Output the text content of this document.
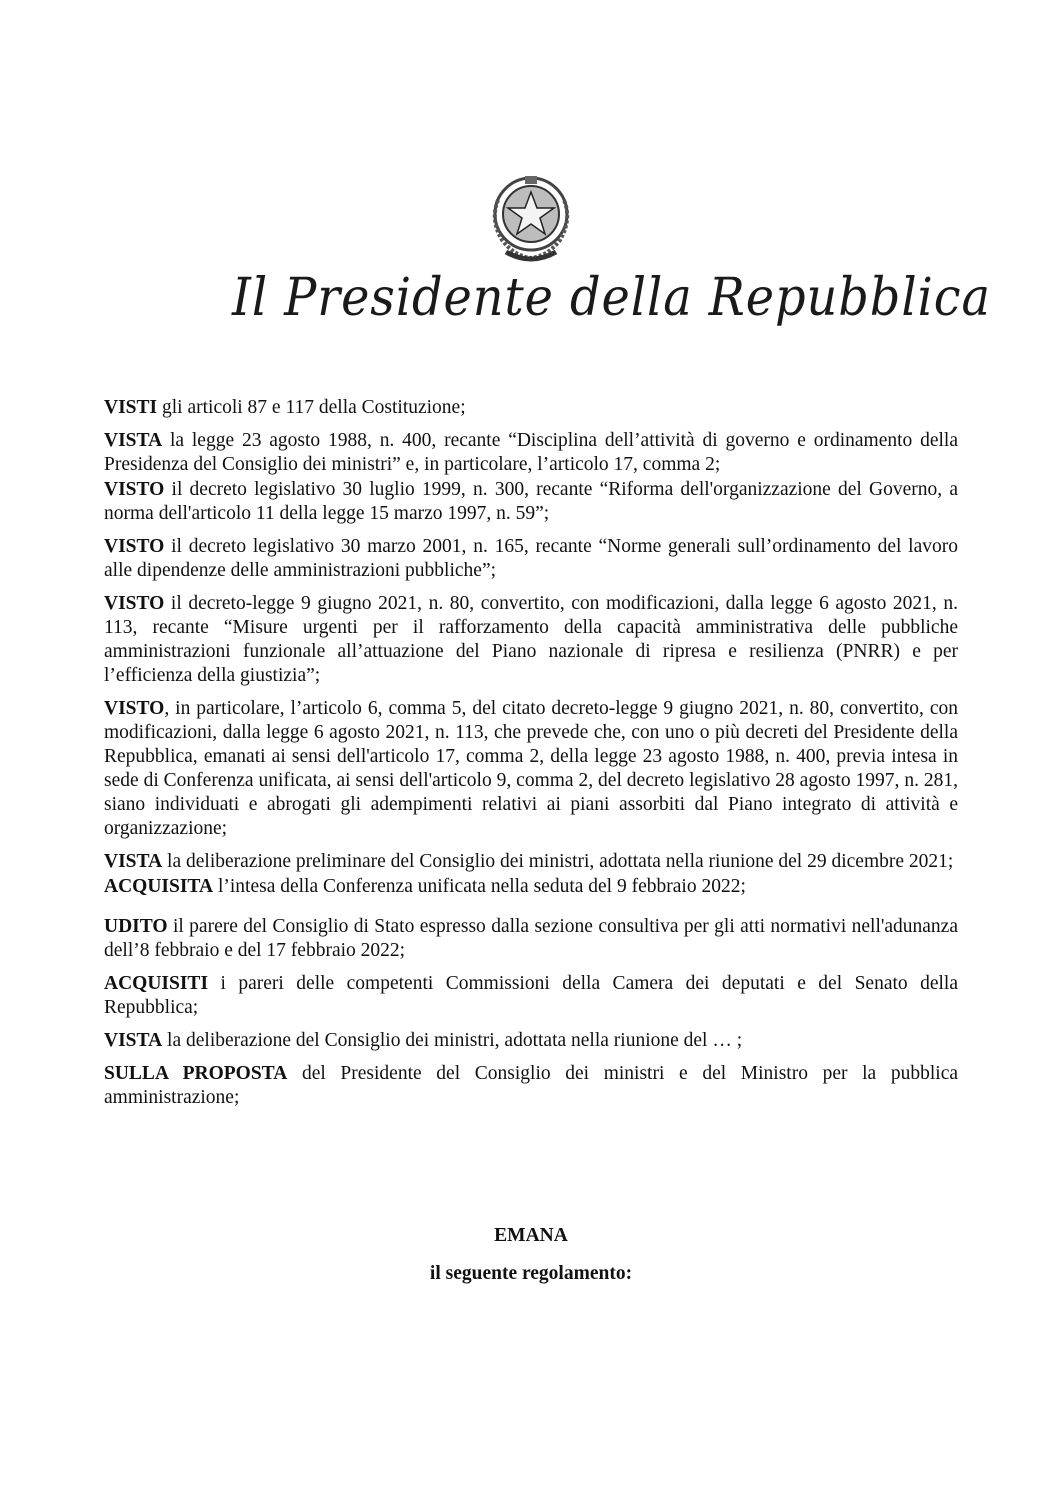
Il Presidente della Repubblica

VISTI gli articoli 87 e 117 della Costituzione;

VISTA la legge 23 agosto 1988, n. 400, recante “Disciplina dell’attività di governo e ordinamento della Presidenza del Consiglio dei ministri” e, in particolare, l’articolo 17, comma 2;

VISTO il decreto legislativo 30 luglio 1999, n. 300, recante “Riforma dell'organizzazione del Governo, a norma dell'articolo 11 della legge 15 marzo 1997, n. 59”;

VISTO il decreto legislativo 30 marzo 2001, n. 165, recante “Norme generali sull’ordinamento del lavoro alle dipendenze delle amministrazioni pubbliche”;

VISTO il decreto-legge 9 giugno 2021, n. 80, convertito, con modificazioni, dalla legge 6 agosto 2021, n. 113, recante “Misure urgenti per il rafforzamento della capacità amministrativa delle pubbliche amministrazioni funzionale all’attuazione del Piano nazionale di ripresa e resilienza (PNRR) e per l’efficienza della giustizia”;

VISTO, in particolare, l’articolo 6, comma 5, del citato decreto-legge 9 giugno 2021, n. 80, convertito, con modificazioni, dalla legge 6 agosto 2021, n. 113, che prevede che, con uno o più decreti del Presidente della Repubblica, emanati ai sensi dell'articolo 17, comma 2, della legge 23 agosto 1988, n. 400, previa intesa in sede di Conferenza unificata, ai sensi dell'articolo 9, comma 2, del decreto legislativo 28 agosto 1997, n. 281, siano individuati e abrogati gli adempimenti relativi ai piani assorbiti dal Piano integrato di attività e organizzazione;

VISTA la deliberazione preliminare del Consiglio dei ministri, adottata nella riunione del 29 dicembre 2021;

ACQUISITA l’intesa della Conferenza unificata nella seduta del 9 febbraio 2022;

UDITO il parere del Consiglio di Stato espresso dalla sezione consultiva per gli atti normativi nell'adunanza dell’8 febbraio e del 17 febbraio 2022;

ACQUISITI i pareri delle competenti Commissioni della Camera dei deputati e del Senato della Repubblica;

VISTA la deliberazione del Consiglio dei ministri, adottata nella riunione del … ;

SULLA PROPOSTA del Presidente del Consiglio dei ministri e del Ministro per la pubblica amministrazione;

EMANA
il seguente regolamento:
